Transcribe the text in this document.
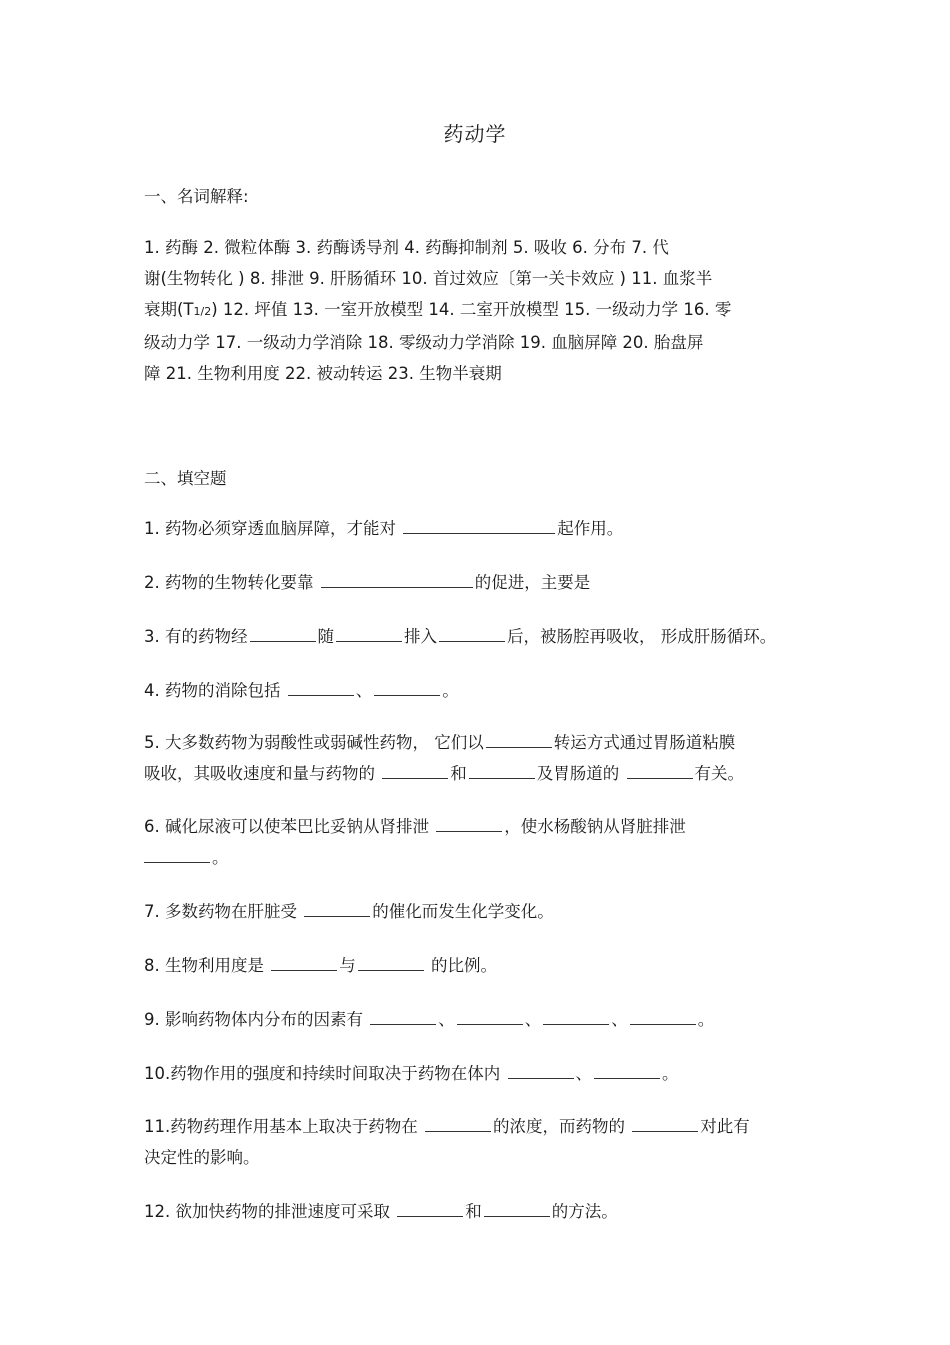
药动学
一、名词解释:
1. 药酶 2. 微粒体酶 3. 药酶诱导剂 4. 药酶抑制剂 5. 吸收 6. 分布 7. 代
谢(生物转化 ) 8. 排泄 9. 肝肠循环 10. 首过效应〔第一关卡效应 ) 11. 血浆半
衰期(T1/2) 12. 坪值 13. 一室开放模型 14. 二室开放模型 15. 一级动力学 16. 零
级动力学 17. 一级动力学消除 18. 零级动力学消除 19. 血脑屏障 20. 胎盘屏
障 21. 生物利用度 22. 被动转运 23. 生物半衰期
二、填空题
1. 药物必须穿透血脑屏障，才能对	起作用。
2. 药物的生物转化要靠	的促进，主要是
3. 有的药物经	随	排入	后，被肠腔再吸收， 形成肝肠循环。
4. 药物的消除包括	、	。
5. 大多数药物为弱酸性或弱碱性药物， 它们以	转运方式通过胃肠道粘膜
吸收，其吸收速度和量与药物的	和	及胃肠道的	有关。
6. 碱化尿液可以使苯巴比妥钠从肾排泄	，使水杨酸钠从肾脏排泄
。
7. 多数药物在肝脏受	的催化而发生化学变化。
8. 生物利用度是	与	的比例。
9. 影响药物体内分布的因素有	、	、	、	。
10.药物作用的强度和持续时间取决于药物在体内	、	。
11.药物药理作用基本上取决于药物在	的浓度，而药物的	对此有
决定性的影响。
12. 欲加快药物的排泄速度可采取	和	的方法。
